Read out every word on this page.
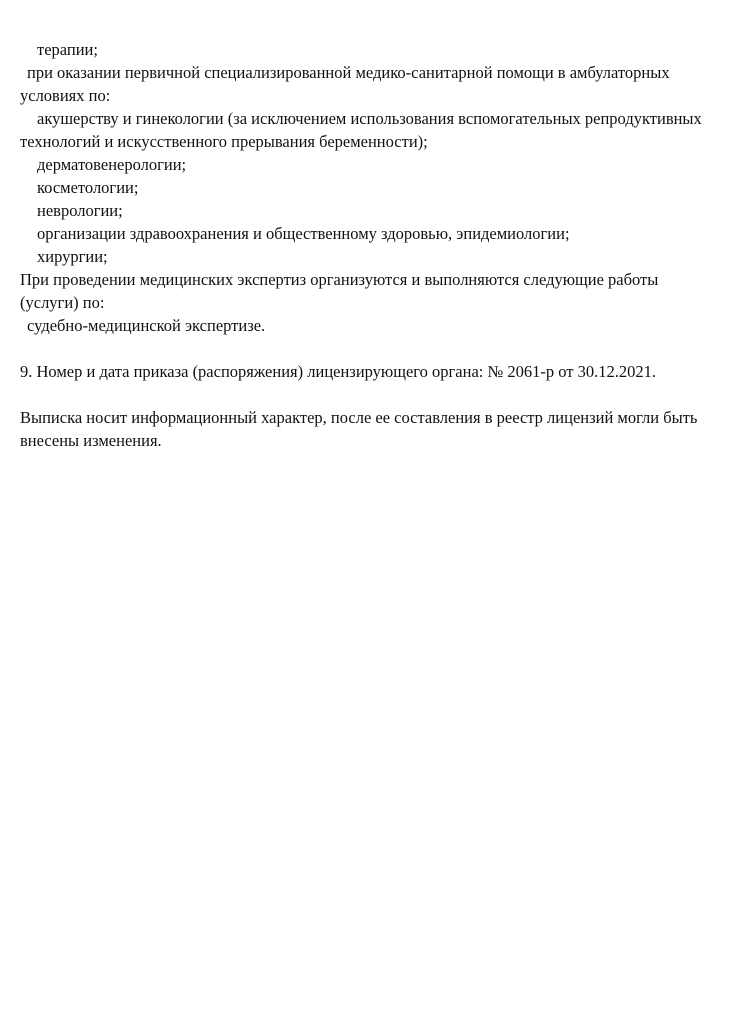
терапии;

при оказании первичной специализированной медико-санитарной помощи в амбулаторных

условиях по:

акушерству и гинекологии (за исключением использования вспомогательных репродуктивных

технологий и искусственного прерывания беременности);

дерматовенерологии;

косметологии;

неврологии;

организации здравоохранения и общественному здоровью, эпидемиологии;

хирургии;

При проведении медицинских экспертиз организуются и выполняются следующие работы

(услуги) по:

судебно-медицинской экспертизе.

9. Номер и дата приказа (распоряжения) лицензирующего органа: № 2061-р от 30.12.2021.

Выписка носит информационный характер, после ее составления в реестр лицензий могли быть

внесены изменения.
